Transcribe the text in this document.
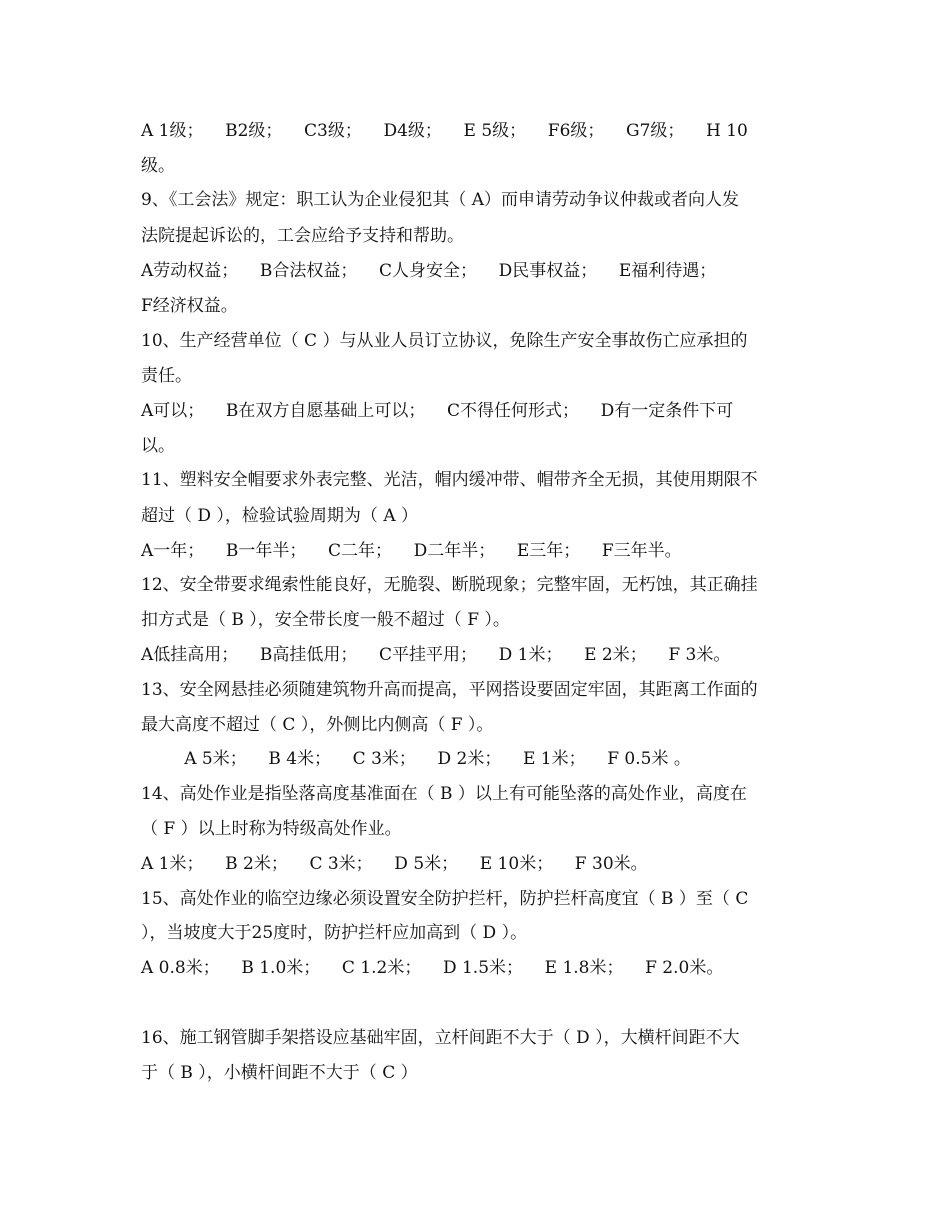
A 1级；    B2级；    C3级；    D4级；    E 5级；    F6级；    G7级；    H 10
级。
9、《工会法》规定：职工认为企业侵犯其（ A）而申请劳动争议仲裁或者向人发
法院提起诉讼的，工会应给予支持和帮助。
A劳动权益；    B合法权益；    C人身安全；    D民事权益；    E福利待遇；
F经济权益。
10、生产经营单位（ C ）与从业人员订立协议，免除生产安全事故伤亡应承担的
责任。
A可以；    B在双方自愿基础上可以；    C不得任何形式；    D有一定条件下可
以。
11、塑料安全帽要求外表完整、光洁，帽内缓冲带、帽带齐全无损，其使用期限不
超过（ D ），检验试验周期为（ A ）
A一年；    B一年半；    C二年；    D二年半；    E三年；    F三年半。
12、安全带要求绳索性能良好，无脆裂、断脱现象；完整牢固，无朽蚀，其正确挂
扣方式是（ B ），安全带长度一般不超过（ F ）。
A低挂高用；    B高挂低用；    C平挂平用；    D 1米；    E 2米；    F 3米。
13、安全网悬挂必须随建筑物升高而提高，平网搭设要固定牢固，其距离工作面的
最大高度不超过（ C ），外侧比内侧高（ F ）。
A 5米；    B 4米；    C 3米；    D 2米；    E 1米；    F 0.5米 。
14、高处作业是指坠落高度基准面在（ B ）以上有可能坠落的高处作业，高度在
（ F ）以上时称为特级高处作业。
A 1米；    B 2米；    C 3米；    D 5米；    E 10米；    F 30米。
15、高处作业的临空边缘必须设置安全防护拦杆，防护拦杆高度宜（ B ）至（ C
），当坡度大于25度时，防护拦杆应加高到（ D ）。
A 0.8米；    B 1.0米；    C 1.2米；    D 1.5米；    E 1.8米；    F 2.0米。
16、施工钢管脚手架搭设应基础牢固，立杆间距不大于（ D ），大横杆间距不大
于（ B ），小横杆间距不大于（ C ）
